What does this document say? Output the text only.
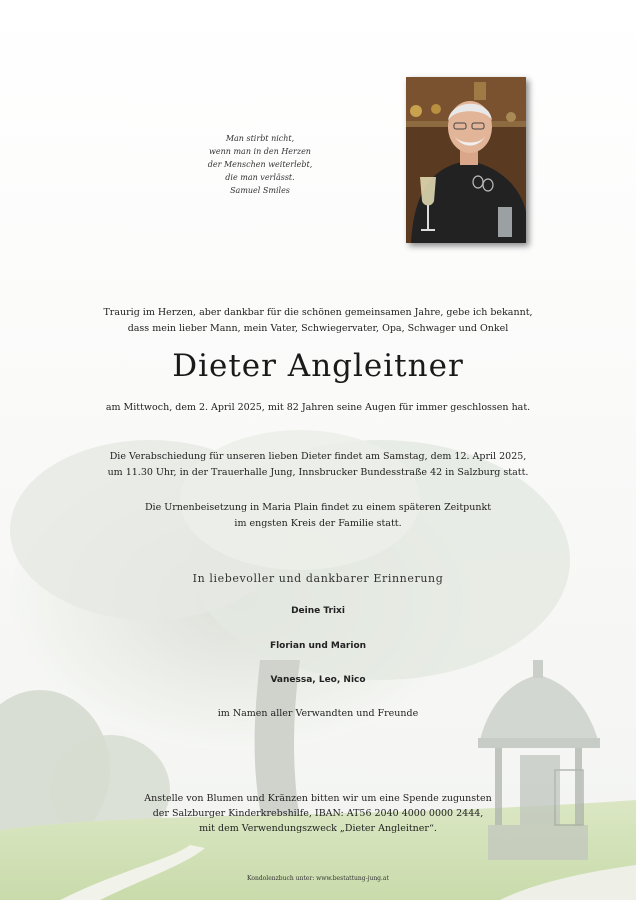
Man stirbt nicht,
wenn man in den Herzen
der Menschen weiterlebt,
die man verlässt.
Samuel Smiles
Traurig im Herzen, aber dankbar für die schönen gemeinsamen Jahre, gebe ich bekannt,
dass mein lieber Mann, mein Vater, Schwiegervater, Opa, Schwager und Onkel
Dieter Angleitner
am Mittwoch, dem 2. April 2025, mit 82 Jahren seine Augen für immer geschlossen hat.
Die Verabschiedung für unseren lieben Dieter findet am Samstag, dem 12. April 2025,
um 11.30 Uhr, in der Trauerhalle Jung, Innsbrucker Bundesstraße 42 in Salzburg statt.
Die Urnenbeisetzung in Maria Plain findet zu einem späteren Zeitpunkt
im engsten Kreis der Familie statt.
In liebevoller und dankbarer Erinnerung
Deine Trixi
Florian und Marion
Vanessa, Leo, Nico
im Namen aller Verwandten und Freunde
Anstelle von Blumen und Kränzen bitten wir um eine Spende zugunsten
der Salzburger Kinderkrebshilfe, IBAN: AT56 2040 4000 0000 2444,
mit dem Verwendungszweck „Dieter Angleitner“.
Kondolenzbuch unter: www.bestattung-jung.at
